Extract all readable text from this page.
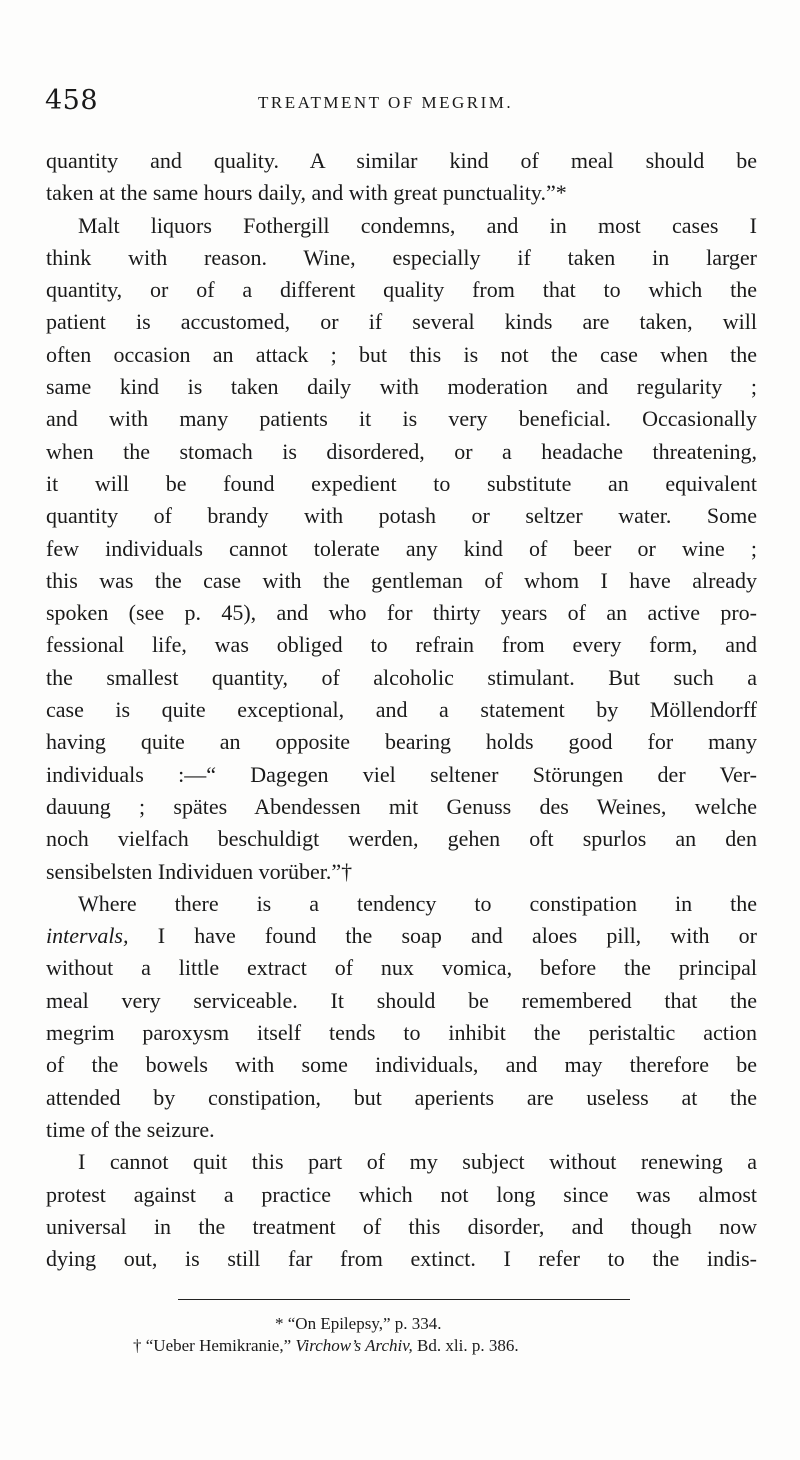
458	TREATMENT OF MEGRIM.
quantity and quality. A similar kind of meal should be
taken at the same hours daily, and with great punctuality.”*
Malt liquors Fothergill condemns, and in most cases I
think with reason. Wine, especially if taken in larger
quantity, or of a different quality from that to which the
patient is accustomed, or if several kinds are taken, will
often occasion an attack ; but this is not the case when the
same kind is taken daily with moderation and regularity ;
and with many patients it is very beneficial. Occasionally
when the stomach is disordered, or a headache threatening,
it will be found expedient to substitute an equivalent
quantity of brandy with potash or seltzer water. Some
few individuals cannot tolerate any kind of beer or wine ;
this was the case with the gentleman of whom I have already
spoken (see p. 45), and who for thirty years of an active pro-
fessional life, was obliged to refrain from every form, and
the smallest quantity, of alcoholic stimulant. But such a
case is quite exceptional, and a statement by Möllendorff
having quite an opposite bearing holds good for many
individuals :—“ Dagegen viel seltener Störungen der Ver-
dauung ; spätes Abendessen mit Genuss des Weines, welche
noch vielfach beschuldigt werden, gehen oft spurlos an den
sensibelsten Individuen vorüber.”†
Where there is a tendency to constipation in the
intervals, I have found the soap and aloes pill, with or
without a little extract of nux vomica, before the principal
meal very serviceable. It should be remembered that the
megrim paroxysm itself tends to inhibit the peristaltic action
of the bowels with some individuals, and may therefore be
attended by constipation, but aperients are useless at the
time of the seizure.
I cannot quit this part of my subject without renewing a
protest against a practice which not long since was almost
universal in the treatment of this disorder, and though now
dying out, is still far from extinct. I refer to the indis-
* “On Epilepsy,” p. 334.
† “Ueber Hemikranie,” Virchow’s Archiv, Bd. xli. p. 386.
